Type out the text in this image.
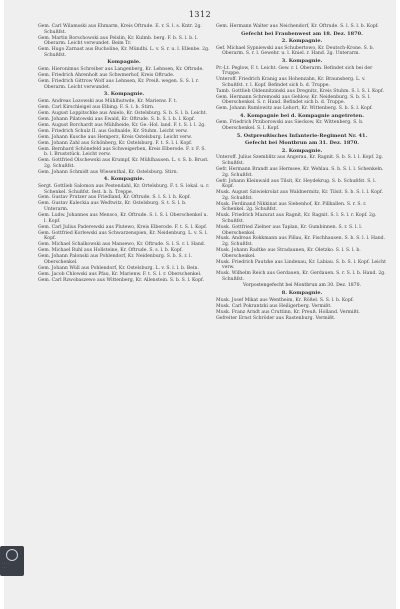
1312
Gem. Carl Wilamsski aus Ehmarm, Kreis Oftrude. E. r. S. l. s. Kntr. 2g. Schußfst.
Gem. Martin Borschowski aus Pelslin, Kr. Kulmb. berg. F. b. S. l. b. l. Oberarm. Leicht verwundet. Beim Tr.
Gem. Hugo Zarnast aus Bucholine, Kr. Mündbi. L. v. S. r. u. l. Ellenbe. 2g. Schußfst.
Kompagnie.
Gem. Hieronimus Schreiber aus Langenberg, Kr. Lehnsen, Kr. Oftrude.
Gem. Friedrich Ahrenholt aus Schwmerhof, Kreis Oftrude.
Gem. Friedrich Gittrow Wolf aus Lehnsen, Kr. Preiß. wegen. S. S. l. r. Oberarm. Leicht verwundet.
3. Kompagnie.
Gem. Andreas Lozowski aus Mühlhutwde, Kr. Marienw. F. t.
Gem. Carl Kirschleigel aus Elbing. F. S. l. b. Stirn.
Gem. August Loppitschke aus Anielo, Kr. Ostelsburg. S. b. S. l. b. Leicht.
Gem. Johann Pilatowski aus Ewald, Kr. Oftrude. S. b. S. l. b. l. Kopf.
Gem. August Borchardt aus Mühlheide, Kr. Ge.-Hol. land. F. t. S. l. l. 2g.
Gem. Friedrich Schulz II. aus Goßnalde, Kr. Stuhm. Leicht verw.
Gem. Johann Kusche aus Hemperz, Kreis Ostelsburg. Leicht verw.
Gem. Johann Zahl aus Schönberg, Kr. Ostelsburg. F. t. S. l. l. Kopf.
Gem. Bernhard Schönefeld aus Schweigerben, Kreis Elberode. F. r. F. S. b. l. Bruststück. Leicht verw.
Gem. Gottfried Olschewski aus Krumpf, Kr. Mühlhausen. L. v. S. b. Brust. 2g. Schußfst.
Gem. Johann Schmidt aus Wiesenthal, Kr. Ostelsburg. Stirn.
4. Kompagnie.
Sergt. Gottlieb Salomon aus Pestendahl, Kr. Ortelsburg. F. t. S. lokal. u. r. Schenkel. Schußfst. fest. b. h. Treppe.
Gem. Gustav Prutzer aus Friedland, Kr. Oftrude. S. l. S. l. h. Kopf.
Gem. Gustav Kaleckia aus Wedtwitz, Kr. Ostelsburg. S. t. S. l. b. Unterarm.
Gem. Ludw. Johannes aus Mensco, Kr. Oftrude. S. l. S. l. Oberschenkel u. l. Kopf.
Gem. Carl Julius Paderewski aus Plutewo, Kreis Elberode. F. t. S. l. Kopf.
Gem. Gottfried Korlewski aus Schwarzenspien, Kr. Neidenburg. L. v. S. l. Kopf.
Gem. Michael Schalkowski aus Mansewo, Kr. Oftrude. S. l. S. r. l. Hand.
Gem. Michael Ruhl aus Hollsteine, Kr. Oftrude. S. s. l. b. Kopf.
Gem. Johann Palonski aus Pohlendorf, Kr. Neidenburg. S. b. S. r. l. Oberschenkel.
Gem. Johann Wüll aus Pohlendorf, Kr. Ostelsburg. L. v. S. l. l. b. Bein.
Gem. Jacob Chlowski aus Pfau, Kr. Marienw. F. t. S. l. r. Oberschenkel.
Gem. Carl Rzwobaszewo aus Wittenberg, Kr. Allenstein. S. b. S. l. Kopf.
Gem. Hermann Walter aus Neichendorf, Kr. Oftrude. S. l. S. l. b. Kopf.
Gefecht bei Fraubenwest am 18. Dez. 1870.
2. Kompagnie.
Gef. Michael Sypniewski aus Schubertowo, Kr. Deutsch-Krone. S. b. Oberarm. S. r. l. Gewehr. u. l. Kniel. r. Hand. 2g. Unterarm.
3. Kompagnie.
Pr.-Lt. Peglow, F. t. Leicht. Gew. r. l. Oberarm. Befindet sich bei der Truppe.
Unteroff. Friedrich Kranig aus Hohenzahn, Kr. Braunsberg. L. v. Schußfst. r. l. Kopf. Befindet sich b. d. Truppe.
Tamb. Gottlieb Oldennitzinski aus Dregnitz, Kreis Stuhm. S. l. S. l. Kopf.
Gem. Hermann Schremoski aus Gehlow, Kr. Neidenburg. S. b. S. l. Oberschenkel. S. r. Hand. Befindet sich b. d. Truppe.
Gem. Johann Rumlowitz aus Lehort, Kr. Wittenberg. S. b. S. l. Kopf.
4. Kompagnie bei d. Kompagnie angetreten.
Gem. Friedrich Prziborowski aus Sieckow, Kr. Wittenberg. S. b. Oberschenkel. S. l. Kopf.
5. Ostpreußisches Infanterie-Regiment Nr. 41.
Gefecht bei Montbrun am 31. Dez. 1870.
2. Kompagnie.
Unteroff. Julius Szemblitz aus Angerau, Kr. Ragnit. S. b. S. l. l. Kopf. 2g. Schußfst.
Gefr. Hermann Brandt aus Hermsee, Kr. Wehlau. S. b. S. l. l. Schenkeln. 2g. Schußfst.
Gefr. Johann Kleinwald aus Tilsit, Kr. Heydekrug. S. b. Schußfst. S. l. Kopf.
Musk. August Sziwiekrolat aus Waldnermitz, Kr. Tilsit. S. b. S. l. l. Kopf. 2g. Schußfst.
Musk. Ferdinand Nikkinat aus Siebenhof, Kr. Pillkallen. S. r. S. r. Schenkel. 2g. Schußfst.
Musk. Friedrich Mazurat aus Ragnit, Kr. Ragnit. S. l. S. l. r. Kopf. 2g. Schußfst.
Musk. Gottfried Zielner aus Taplan, Kr. Gumbinnen. S. r. S. l. l. Oberschenkel.
Musk. Andreas Rokkmann aus Pillau, Kr. Fischhausen. S. b. S. l. l. Hand. 2g. Schußfst.
Musk. Johann Radtke aus Stradaunen, Kr. Oletzko. S. l. S. l. b. Oberschenkel.
Musk. Friedrich Pautzke aus Lindenau, Kr. Labiau. S. b. S. l. Kopf. Leicht verw.
Musk. Wilhelm Reich aus Gerdauen, Kr. Gerdauen. S. r. S. l. b. Hand. 2g. Schußfst.
Vorpostengefecht bei Montbrun am 30. Dez. 1870.
8. Kompagnie.
Musk. Josef Mikat aus Wentheim, Kr. Rößel. S. S. l. b. Kopf.
Musk. Carl Pokrantzki aus Heiligerberg. Vermißt.
Musk. Franz Arndt aus Cruttinn, Kr. Preuß. Holland. Vermißt.
Gefreiter Ernst Schröder aus Rastenburg. Vermißt.
· · · ·
· · ·
